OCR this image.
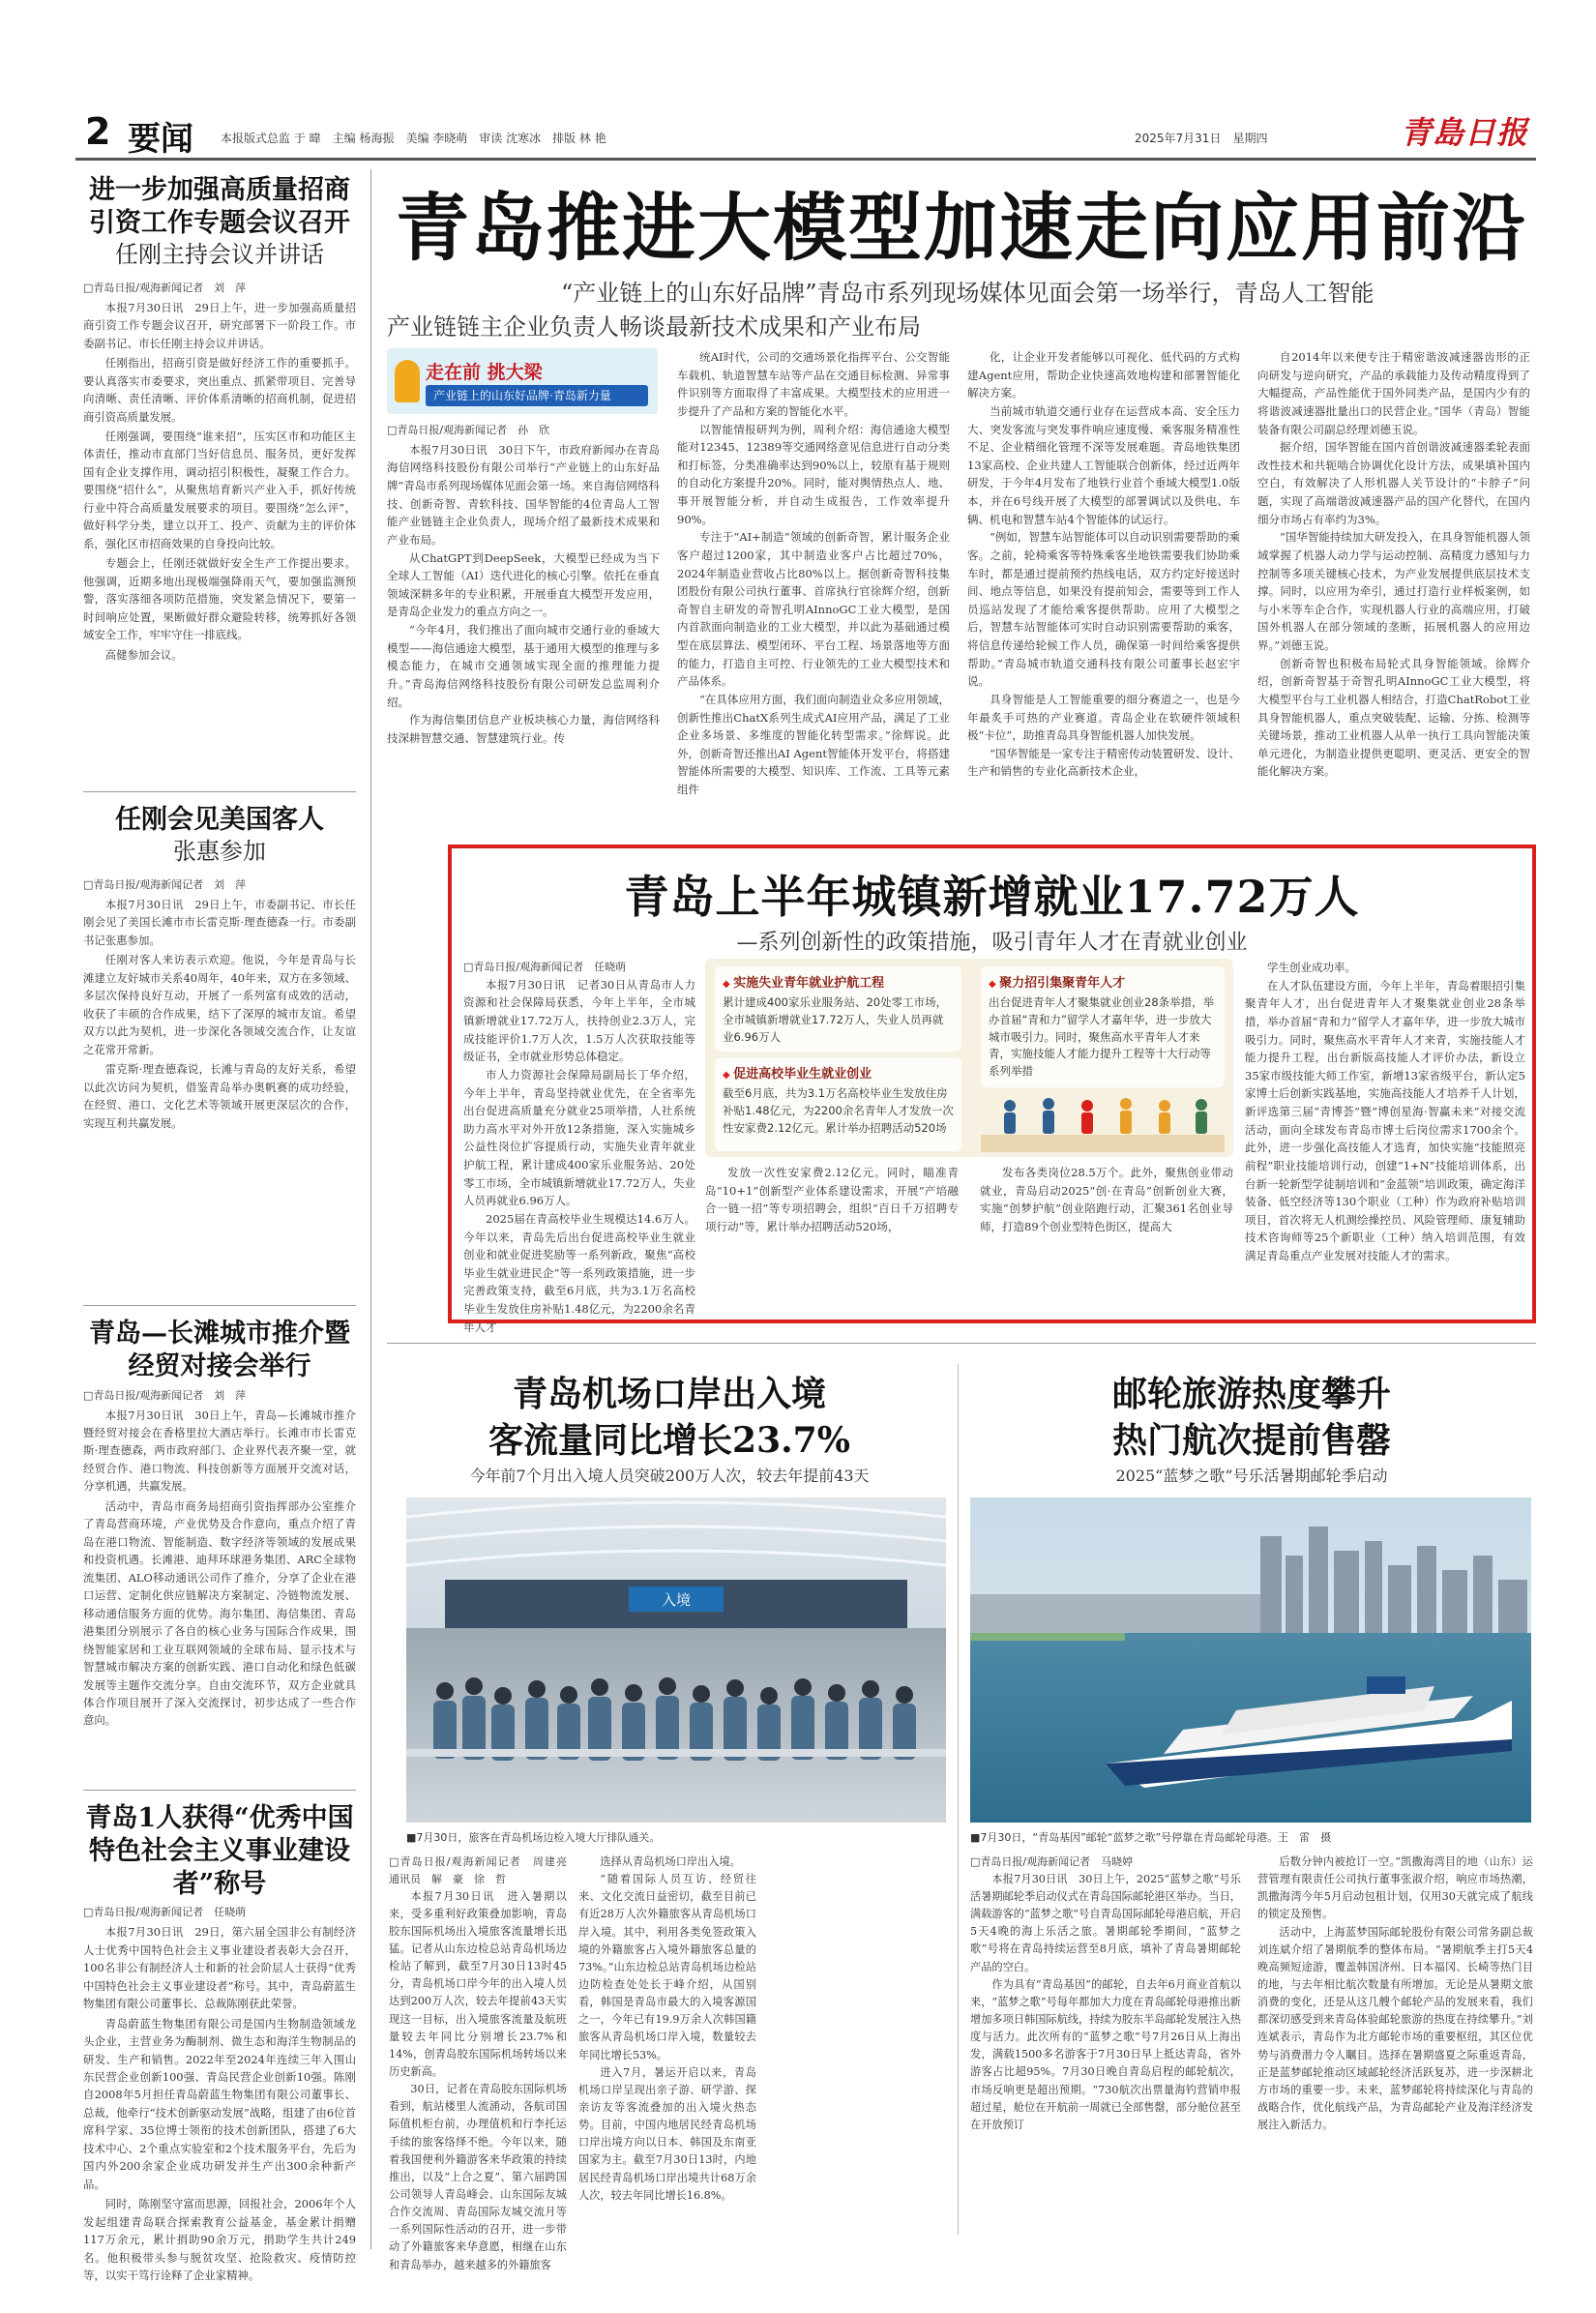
2 要闻 本报版式总监 于 暐　主编 杨海振　美编 李晓萌　审读 沈寒冰　排版 林 艳	2025年7月31日　星期四	青島日报
进一步加强高质量招商引资工作专题会议召开
任刚主持会议并讲话
□青岛日报/观海新闻记者　刘　萍

本报7月30日讯　29日上午，进一步加强高质量招商引资工作专题会议召开，研究部署下一阶段工作。市委副书记、市长任刚主持会议并讲话。

任刚指出，招商引资是做好经济工作的重要抓手。要认真落实市委要求，突出重点、抓紧带项目、完善导向清晰、责任清晰、评价体系清晰的招商机制，促进招商引资高质量发展。

任刚强调，要围绕“谁来招”，压实区市和功能区主体责任，推动市直部门当好信息员、服务员，更好发挥国有企业支撑作用，调动招引积极性，凝聚工作合力。要围绕“招什么”，从聚焦培育新兴产业入手，抓好传统行业中符合高质量发展要求的项目。要围绕“怎么评”，做好科学分类，建立以开工、投产、贡献为主的评价体系，强化区市招商效果的自身投向比较。

专题会上，任刚还就做好安全生产工作提出要求。他强调，近期多地出现极端强降雨天气，要加强监测预警，落实落细各项防范措施，突发紧急情况下，要第一时间响应处置，果断做好群众避险转移，统筹抓好各领域安全工作，牢牢守住一排底线。

高健参加会议。

任刚会见美国客人
张惠参加
□青岛日报/观海新闻记者　刘　萍

本报7月30日讯　29日上午，市委副书记、市长任刚会见了美国长滩市市长雷克斯·理查德森一行。市委副书记张惠参加。

任刚对客人来访表示欢迎。他说，今年是青岛与长滩建立友好城市关系40周年，40年来，双方在多领域、多层次保持良好互动，开展了一系列富有成效的活动，收获了丰硕的合作成果，结下了深厚的城市友谊。希望双方以此为契机，进一步深化各领域交流合作，让友谊之花常开常新。

雷克斯·理查德森说，长滩与青岛的友好关系，希望以此次访问为契机，借鉴青岛举办奥帆赛的成功经验，在经贸、港口、文化艺术等领域开展更深层次的合作，实现互利共赢发展。

青岛—长滩城市推介暨经贸对接会举行
□青岛日报/观海新闻记者　刘　萍

本报7月30日讯　30日上午，青岛—长滩城市推介暨经贸对接会在香格里拉大酒店举行。长滩市市长雷克斯·理查德森，两市政府部门、企业界代表齐聚一堂，就经贸合作、港口物流、科技创新等方面展开交流对话，分享机遇，共赢发展。

活动中，青岛市商务局招商引资指挥部办公室推介了青岛营商环境，产业优势及合作意向，重点介绍了青岛在港口物流、智能制造、数字经济等领域的发展成果和投资机遇。长滩港、迪拜环球港务集团、ARC全球物流集团、ALO移动通讯公司作了推介，分享了企业在港口运营、定制化供应链解决方案制定、冷链物流发展、移动通信服务方面的优势。海尔集团、海信集团、青岛港集团分别展示了各自的核心业务与国际合作成果，围绕智能家居和工业互联网领域的全球布局、显示技术与智慧城市解决方案的创新实践、港口自动化和绿色低碳发展等主题作交流分享。自由交流环节，双方企业就具体合作项目展开了深入交流探讨，初步达成了一些合作意向。

青岛1人获得“优秀中国特色社会主义事业建设者”称号
□青岛日报/观海新闻记者　任晓萌

本报7月30日讯　29日，第六届全国非公有制经济人士优秀中国特色社会主义事业建设者表彰大会召开，100名非公有制经济人士和新的社会阶层人士获得“优秀中国特色社会主义事业建设者”称号。其中，青岛蔚蓝生物集团有限公司董事长、总裁陈刚获此荣誉。

青岛蔚蓝生物集团有限公司是国内生物制造领域龙头企业，主营业务为酶制剂、微生态和海洋生物制品的研发、生产和销售。2022年至2024年连续三年入围山东民营企业创新100强、青岛民营企业创新10强。陈刚自2008年5月担任青岛蔚蓝生物集团有限公司董事长、总裁，他牵行“技术创新驱动发展”战略，组建了由6位首席科学家、35位博士领衔的技术创新团队，搭建了6大技术中心、2个重点实验室和2个技术服务平台，先后为国内外200余家企业成功研发并生产出300余种新产品。

同时，陈刚坚守富而思源，回报社会，2006年个人发起组建青岛联合探索教育公益基金，基金累计捐赠117万余元，累计捐助90余万元，捐助学生共计249名。他积极带头参与脱贫攻坚、抢险救灾、疫情防控等，以实干笃行诠释了企业家精神。

青岛推进大模型加速走向应用前沿
“产业链上的山东好品牌”青岛市系列现场媒体见面会第一场举行，青岛人工智能
产业链链主企业负责人畅谈最新技术成果和产业布局
走在前 挑大梁
产业链上的山东好品牌·青岛新力量

□青岛日报/观海新闻记者　孙　欣

本报7月30日讯　30日下午，市政府新闻办在青岛海信网络科技股份有限公司举行“产业链上的山东好品牌”青岛市系列现场媒体见面会第一场。来自海信网络科技、创新奇智、青软科技、国华智能的4位青岛人工智能产业链链主企业负责人，现场介绍了最新技术成果和产业布局。

从ChatGPT到DeepSeek，大模型已经成为当下全球人工智能（AI）迭代进化的核心引擎。依托在垂直领域深耕多年的专业积累，开展垂直大模型开发应用，是青岛企业发力的重点方向之一。

“今年4月，我们推出了面向城市交通行业的垂域大模型——海信通途大模型，基于通用大模型的推理与多模态能力，在城市交通领域实现全面的推理能力提升。”青岛海信网络科技股份有限公司研发总监周利介绍。

作为海信集团信息产业板块核心力量，海信网络科技深耕智慧交通、智慧建筑行业。传

统AI时代，公司的交通场景化指挥平台、公交智能车载机、轨道智慧车站等产品在交通目标检测、异常事件识别等方面取得了丰富成果。大模型技术的应用进一步提升了产品和方案的智能化水平。

以智能情报研判为例，周利介绍：海信通途大模型能对12345、12389等交通网络意见信息进行自动分类和打标签，分类准确率达到90%以上，较原有基于规则的自动化方案提升20%。同时，能对舆情热点人、地、事开展智能分析，并自动生成报告，工作效率提升90%。

专注于“AI+制造”领域的创新奇智，累计服务企业客户超过1200家，其中制造业客户占比超过70%，2024年制造业营收占比80%以上。据创新奇智科技集团股份有限公司执行董事、首席执行官徐辉介绍，创新奇智自主研发的奇智孔明AInnoGC工业大模型，是国内首款面向制造业的工业大模型，并以此为基础通过模型在底层算法、模型闭环、平台工程、场景落地等方面的能力，打造自主可控、行业领先的工业大模型技术和产品体系。

“在具体应用方面，我们面向制造业众多应用领域，创新性推出ChatX系列生成式AI应用产品，满足了工业企业多场景、多维度的智能化转型需求。”徐辉说。此外，创新奇智还推出AI Agent智能体开发平台，将搭建智能体所需要的大模型、知识库、工作流、工具等元素组件

化，让企业开发者能够以可视化、低代码的方式构建Agent应用，帮助企业快速高效地构建和部署智能化解决方案。

当前城市轨道交通行业存在运营成本高、安全压力大、突发客流与突发事件响应速度慢、乘客服务精准性不足、企业精细化管理不深等发展难题。青岛地铁集团13家高校、企业共建人工智能联合创新体，经过近两年研发，于今年4月发布了地铁行业首个垂域大模型1.0版本，并在6号线开展了大模型的部署调试以及供电、车辆、机电和智慧车站4个智能体的试运行。

“例如，智慧车站智能体可以自动识别需要帮助的乘客。之前，轮椅乘客等特殊乘客坐地铁需要我们协助乘车时，都是通过提前预约热线电话，双方约定好接送时间、地点等信息，如果没有提前知会，需要等到工作人员巡站发现了才能给乘客提供帮助。应用了大模型之后，智慧车站智能体可实时自动识别需要帮助的乘客，将信息传递给轮候工作人员，确保第一时间给乘客提供帮助。”青岛城市轨道交通科技有限公司董事长赵宏宇说。

具身智能是人工智能重要的细分赛道之一，也是今年最炙手可热的产业赛道。青岛企业在软硬件领域积极“卡位”，助推青岛具身智能机器人加快发展。

“国华智能是一家专注于精密传动装置研发、设计、生产和销售的专业化高新技术企业，

自2014年以来便专注于精密谐波减速器齿形的正向研发与逆向研究，产品的承载能力及传动精度得到了大幅提高，产品性能优于国外同类产品，是国内少有的将谐波减速器批量出口的民营企业。”国华（青岛）智能装备有限公司副总经理刘德玉说。

据介绍，国华智能在国内首创谐波减速器柔轮表面改性技术和共轭啮合协调优化设计方法，成果填补国内空白，有效解决了人形机器人关节设计的“卡脖子”问题，实现了高端谐波减速器产品的国产化替代，在国内细分市场占有率约为3%。

“国华智能持续加大研发投入，在具身智能机器人领域掌握了机器人动力学与运动控制、高精度力感知与力控制等多项关键核心技术，为产业发展提供底层技术支撑。同时，以应用为牵引，通过打造行业样板案例，如与小米等车企合作，实现机器人行业的高端应用，打破国外机器人在部分领域的垄断，拓展机器人的应用边界。”刘德玉说。

创新奇智也积极布局轮式具身智能领域。徐辉介绍，创新奇智基于奇智孔明AInnoGC工业大模型，将大模型平台与工业机器人相结合，打造ChatRobot工业具身智能机器人，重点突破装配、运输、分拣、检测等关键场景，推动工业机器人从单一执行工具向智能决策单元进化，为制造业提供更聪明、更灵活、更安全的智能化解决方案。

青岛上半年城镇新增就业17.72万人
—系列创新性的政策措施，吸引青年人才在青就业创业

□青岛日报/观海新闻记者　任晓萌

本报7月30日讯　记者30日从青岛市人力资源和社会保障局获悉，今年上半年，全市城镇新增就业17.72万人，扶持创业2.3万人，完成技能评价1.7万人次，1.5万人次获取技能等级证书，全市就业形势总体稳定。

市人力资源社会保障局副局长丁华介绍，今年上半年，青岛坚持就业优先，在全省率先出台促进高质量充分就业25项举措，人社系统助力高水平对外开放12条措施，深入实施城乡公益性岗位扩容提质行动，实施失业青年就业护航工程，累计建成400家乐业服务站、20处零工市场，全市城镇新增就业17.72万人，失业人员再就业6.96万人。

2025届在青高校毕业生规模达14.6万人。今年以来，青岛先后出台促进高校毕业生就业创业和就业促进奖励等一系列新政，聚焦“高校毕业生就业进民企”等一系列政策措施，进一步完善政策支持，截至6月底，共为3.1万名高校毕业生发放住房补贴1.48亿元，为2200余名青年人才

◆ 实施失业青年就业护航工程
累计建成400家乐业服务站、20处零工市场，全市城镇新增就业17.72万人，失业人员再就业6.96万人
◆ 聚力招引集聚青年人才
出台促进青年人才聚集就业创业28条举措，举办首届“青和力”留学人才嘉年华，进一步放大城市吸引力。同时，聚焦高水平青年人才来青，实施技能人才能力提升工程等十大行动等系列举措
◆ 促进高校毕业生就业创业
截至6月底，共为3.1万名高校毕业生发放住房补贴1.48亿元，为2200余名青年人才发放一次性安家费2.12亿元。累计举办招聘活动520场

发放一次性安家费2.12亿元。同时，瞄准青岛“10+1”创新型产业体系建设需求，开展“产培融合一链一招”等专项招聘会，组织“百日千万招聘专项行动”等，累计举办招聘活动520场，

发布各类岗位28.5万个。此外，聚焦创业带动就业，青岛启动2025“创·在青岛”创新创业大赛，实施“创梦护航”创业陪跑行动，汇聚361名创业导师，打造89个创业型特色街区，提高大

学生创业成功率。

在人才队伍建设方面，今年上半年，青岛着眼招引集聚青年人才，出台促进青年人才聚集就业创业28条举措，举办首届“青和力”留学人才嘉年华，进一步放大城市吸引力。同时，聚焦高水平青年人才来青，实施技能人才能力提升工程，出台新版高技能人才评价办法，新设立35家市级技能大师工作室，新增13家省级平台，新认定5家博士后创新实践基地，实施高技能人才培养千人计划，新评选第三届“青博荟”暨“博创星海·智赢未来”对接交流活动，面向全球发布青岛市博士后岗位需求1700余个。此外，进一步强化高技能人才选育，加快实施“技能照亮前程”职业技能培训行动，创建“1+N”技能培训体系，出台新一轮新型学徒制培训和“金蓝领”培训政策，确定海洋装备、低空经济等130个职业（工种）作为政府补贴培训项目，首次将无人机测绘操控员、风险管理师、康复辅助技术咨询师等25个新职业（工种）纳入培训范围，有效满足青岛重点产业发展对技能人才的需求。

青岛机场口岸出入境
客流量同比增长23.7%
今年前7个月出入境人员突破200万人次，较去年提前43天
入境
■7月30日，旅客在青岛机场边检入境大厅排队通关。

□青岛日报/观海新闻记者　周建亮　通讯员　解　豪　徐　哲

本报7月30日讯　进入暑期以来，受多重利好政策叠加影响，青岛胶东国际机场出入境旅客流量增长迅猛。记者从山东边检总站青岛机场边检站了解到，截至7月30日13时45分，青岛机场口岸今年的出入境人员达到200万人次，较去年提前43天实现这一目标，出入境旅客流量及航班量较去年同比分别增长23.7%和14%，创青岛胶东国际机场转场以来历史新高。

30日，记者在青岛胶东国际机场看到，航站楼里人流涌动，各航司国际值机柜台前，办理值机和行李托运手续的旅客络绎不绝。今年以来，随着我国便利外籍游客来华政策的持续推出，以及“上合之夏”、第六届跨国公司领导人青岛峰会、山东国际友城合作交流周、青岛国际友城交流月等一系列国际性活动的召开，进一步带动了外籍旅客来华意愿，相继在山东和青岛举办，越来越多的外籍旅客

选择从青岛机场口岸出入境。

“随着国际人员互访、经贸往来、文化交流日益密切，截至目前已有近28万人次外籍旅客从青岛机场口岸入境。其中，利用各类免签政策入境的外籍旅客占入境外籍旅客总量的73%。”山东边检总站青岛机场边检站边防检查处处长于峰介绍，从国别看，韩国是青岛市最大的入境客源国之一，今年已有19.9万余人次韩国籍旅客从青岛机场口岸入境，数量较去年同比增长53%。

进入7月，暑运开启以来，青岛机场口岸呈现出亲子游、研学游、探亲访友等客流叠加的出入境火热态势。目前，中国内地居民经青岛机场口岸出境方向以日本、韩国及东南亚国家为主。截至7月30日13时，内地居民经青岛机场口岸出境共计68万余人次，较去年同比增长16.8%。

邮轮旅游热度攀升
热门航次提前售罄
2025“蓝梦之歌”号乐活暑期邮轮季启动
■7月30日，“青岛基因”邮轮“蓝梦之歌”号停靠在青岛邮轮母港。王　雷　摄

□青岛日报/观海新闻记者　马晓婷

本报7月30日讯　30日上午，2025“蓝梦之歌”号乐活暑期邮轮季启动仪式在青岛国际邮轮港区举办。当日，满载游客的“蓝梦之歌”号自青岛国际邮轮母港启航，开启5天4晚的海上乐活之旅。暑期邮轮季期间，“蓝梦之歌”号将在青岛持续运营至8月底，填补了青岛暑期邮轮产品的空白。

作为具有“青岛基因”的邮轮，自去年6月商业首航以来，“蓝梦之歌”号每年都加大力度在青岛邮轮母港推出新增加多项日韩国际航线，持续为胶东半岛邮轮发展注入热度与活力。此次所有的“蓝梦之歌”号7月26日从上海出发，满载1500多名游客于7月30日早上抵达青岛，省外游客占比超95%。7月30日晚自青岛启程的邮轮航次，市场反响更是超出预期。“730航次出票量海钓营销申报超过星，舱位在开航前一周就已全部售罄，部分舱位甚至在开放预订

后数分钟内被抢订一空。”凯撒海湾目的地（山东）运营管理有限责任公司执行董事张淑介绍，响应市场热潮，凯撒海湾今年5月启动包租计划，仅用30天就完成了航线的锁定及预售。

活动中，上海蓝梦国际邮轮股份有限公司常务副总裁刘连斌介绍了暑期航季的整体布局。“暑期航季主打5天4晚高频短途游，覆盖韩国济州、日本福冈、长崎等热门目的地，与去年相比航次数量有所增加。无论是从暑期文旅消费的变化，还是从这几艘个邮轮产品的发展来看，我们都深切感受到来青岛体验邮轮旅游的热度在持续攀升。”刘连斌表示，青岛作为北方邮轮市场的重要枢纽，其区位优势与消费潜力令人瞩目。选择在暑期盛夏之际重返青岛，正是蓝梦邮轮推动区域邮轮经济活跃复苏，进一步深耕北方市场的重要一步。未来，蓝梦邮轮将持续深化与青岛的战略合作，优化航线产品，为青岛邮轮产业及海洋经济发展注入新活力。
